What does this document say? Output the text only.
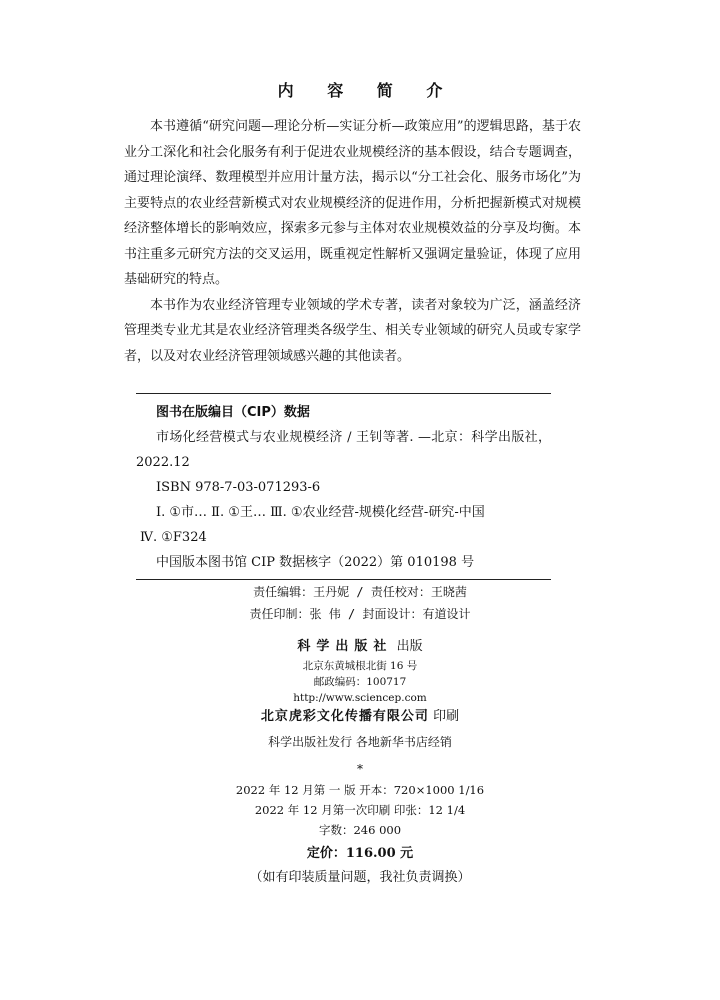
内 容 简 介

本书遵循“研究问题—理论分析—实证分析—政策应用”的逻辑思路，基于农业分工深化和社会化服务有利于促进农业规模经济的基本假设，结合专题调查，通过理论演绎、数理模型并应用计量方法，揭示以“分工社会化、服务市场化”为主要特点的农业经营新模式对农业规模经济的促进作用，分析把握新模式对规模经济整体增长的影响效应，探索多元参与主体对农业规模效益的分享及均衡。本书注重多元研究方法的交叉运用，既重视定性解析又强调定量验证，体现了应用基础研究的特点。

本书作为农业经济管理专业领域的学术专著，读者对象较为广泛，涵盖经济管理类专业尤其是农业经济管理类各级学生、相关专业领域的研究人员或专家学者，以及对农业经济管理领域感兴趣的其他读者。

图书在版编目（CIP）数据
市场化经营模式与农业规模经济 / 王钊等著. —北京：科学出版社，2022.12
ISBN 978-7-03-071293-6
Ⅰ. ①市… Ⅱ. ①王… Ⅲ. ①农业经营-规模化经营-研究-中国
Ⅳ. ①F324
中国版本图书馆 CIP 数据核字（2022）第 010198 号
责任编辑：王丹妮 / 责任校对：王晓茜
责任印制：张 伟 / 封面设计：有道设计
科学出版社 出版
北京东黄城根北街 16 号
邮政编码：100717
http://www.sciencep.com
北京虎彩文化传播有限公司 印刷
科学出版社发行 各地新华书店经销
*
2022 年 12 月第 一 版 开本：720×1000 1/16
2022 年 12 月第一次印刷 印张：12 1/4
字数：246 000
定价：116.00 元
（如有印装质量问题，我社负责调换）
